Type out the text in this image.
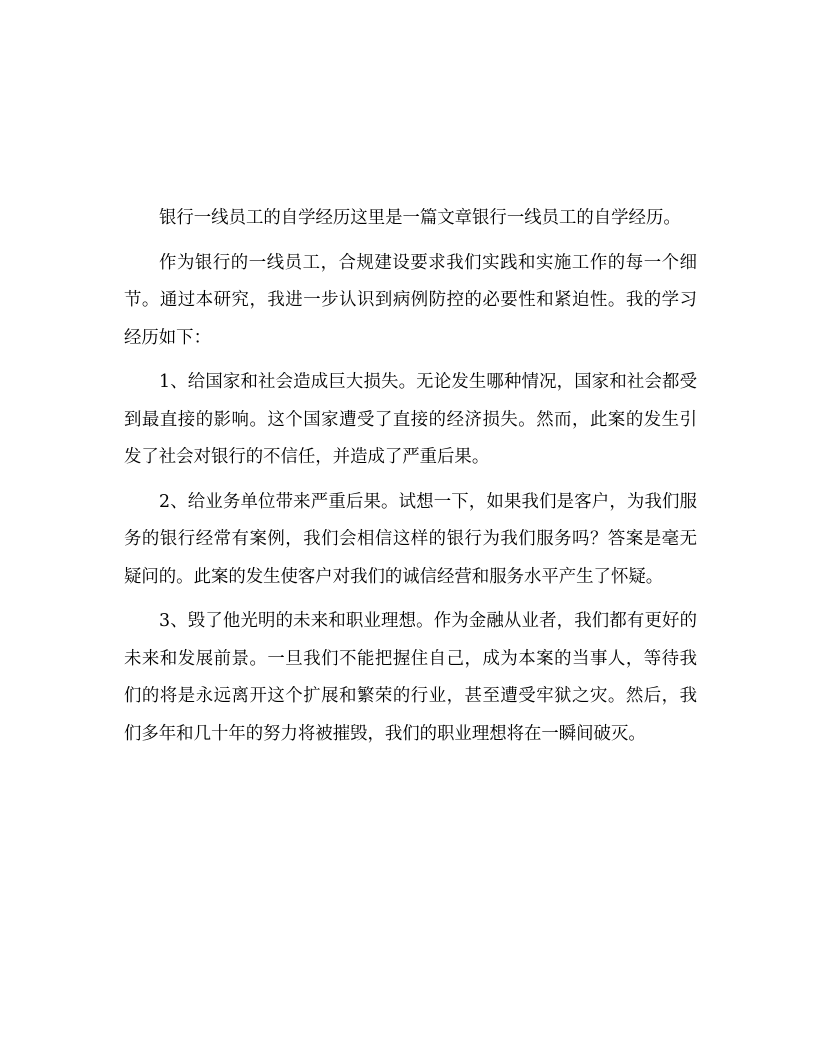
银行一线员工的自学经历这里是一篇文章银行一线员工的自学经历。

作为银行的一线员工，合规建设要求我们实践和实施工作的每一个细节。通过本研究，我进一步认识到病例防控的必要性和紧迫性。我的学习经历如下：

1、给国家和社会造成巨大损失。无论发生哪种情况，国家和社会都受到最直接的影响。这个国家遭受了直接的经济损失。然而，此案的发生引发了社会对银行的不信任，并造成了严重后果。

2、给业务单位带来严重后果。试想一下，如果我们是客户，为我们服务的银行经常有案例，我们会相信这样的银行为我们服务吗？答案是毫无疑问的。此案的发生使客户对我们的诚信经营和服务水平产生了怀疑。

3、毁了他光明的未来和职业理想。作为金融从业者，我们都有更好的未来和发展前景。一旦我们不能把握住自己，成为本案的当事人，等待我们的将是永远离开这个扩展和繁荣的行业，甚至遭受牢狱之灾。然后，我们多年和几十年的努力将被摧毁，我们的职业理想将在一瞬间破灭。
